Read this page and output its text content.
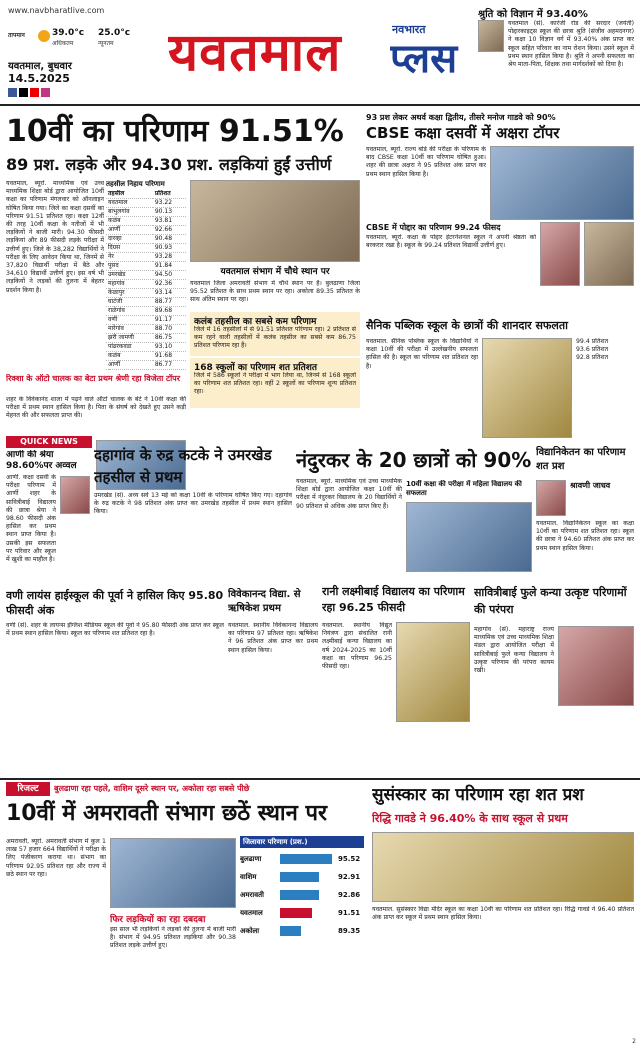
www.navbharatlive.com
तापमान	39.0°c	25.0°c
अधिकतम	न्यूनतम
यवतमाल, बुधवार
14.5.2025	यवतमाल	नवभारत
प्लस
श्रुति को विज्ञान में 93.40%
यवतमाल (सं). कारंजी रोड की सरदार (जयंती) पोद्दारकाइट्स स्कूल की छात्रा श्रुति (संजीव अहमदनगर) ने कक्षा 10 विज्ञान वर्ग में 93.40% अंक प्राप्त कर स्कूल सहित परिवार का नाम रोशन किया। उसने स्कूल में प्रथम स्थान हासिल किया है। श्रुति ने अपनी सफलता का श्रेय माता-पिता, शिक्षक तथा मार्गदर्शकों को दिया है।
10वीं का परिणाम 91.51%
89 प्रश. लड़के और 94.30 प्रश. लड़कियां हुईं उत्तीर्ण
यवतमाल, ब्यूरो. माध्यमिक एवं उच्च माध्यमिक शिक्षा बोर्ड द्वारा आयोजित 10वीं कक्षा का परिणाम मंगलवार को ऑनलाइन घोषित किया गया। जिले का कक्षा दसवीं का परिणाम 91.51 प्रतिशत रहा। कक्षा 12वीं की तरह 10वीं कक्षा के नतीजों में भी लड़कियों ने बाजी मारी। 94.30 फीसदी लड़कियां और 89 फीसदी लड़के परीक्षा में उत्तीर्ण हुए। जिले के 38,282 विद्यार्थियों ने परीक्षा के लिए आवेदन किया था, जिनमें से 37,820 विद्यार्थी परीक्षा में बैठे और 34,610 विद्यार्थी उत्तीर्ण हुए। इस वर्ष भी लड़कियों ने लड़कों की तुलना में बेहतर प्रदर्शन किया है।
तहसील निहाय परिणाम
तहसील	प्रतिशत
यवतमाल	93.22
बाभुलगांव	90.13
कळंब	93.81
आर्णी	92.66
दारव्हा	90.48
दिग्रस	90.93
नेर	93.28
पुसद	91.84
उमरखेड	94.50
महागांव	92.36
केळापुर	93.14
घाटंजी	88.77
राळेगांव	89.68
वणी	91.17
मारेगांव	88.70
झरी जामणी	86.75
पांढरकवडा	93.10
कळंब	91.68
आर्णी	86.77

यवतमाल संभाग में चौथे स्थान पर
यवतमाल जिला अमरावती संभाग में चौथे स्थान पर है। बुलढाणा जिला 95.52 प्रतिशत के साथ प्रथम स्थान पर रहा। अकोला 89.35 प्रतिशत के साथ अंतिम स्थान पर रहा।
कलंब तहसील का सबसे कम परिणाम
जिले में 16 तहसीलों में से 91.51 प्रतिशत परिणाम रहा। 2 प्रतिशत से कम रहने वाली तहसीलों में कलंब तहसील का सबसे कम 86.75 प्रतिशत परिणाम रहा है।
168 स्कूलों का परिणाम शत प्रतिशत
जिले में 586 स्कूलों ने परीक्षा में भाग लिया था, जिनमें से 168 स्कूलों का परिणाम शत प्रतिशत रहा। वहीं 2 स्कूलों का परिणाम शून्य प्रतिशत रहा।
रिक्शा के ऑटो चालक का बेटा प्रथम श्रेणी रहा विजेता टॉपर
शहर के विवेकानंद शाला में पढ़ने वाले ऑटो चालक के बेटे ने 10वीं कक्षा की परीक्षा में प्रथम स्थान हासिल किया है। पिता के संघर्ष को देखते हुए उसने कड़ी मेहनत की और सफलता प्राप्त की।
QUICK NEWS
आर्णी की श्रेया 98.60%पर अव्वल
आर्णी. कक्षा दसवीं के परीक्षा परिणाम में आर्णी शहर के सावित्रीबाई विद्यालय की छात्रा श्रेया ने 98.60 फीसदी अंक हासिल कर प्रथम स्थान प्राप्त किया है। उसकी इस सफलता पर परिवार और स्कूल में खुशी का माहौल है।
93 प्रश लेकर अथर्व कक्षा द्वितीय, तीसरे मनोज गाडवे को 90%
CBSE कक्षा दसवीं में अक्षरा टॉपर
यवतमाल, ब्यूरो. राज्य बोर्ड की परीक्षा के परिणाम के बाद CBSE कक्षा 10वीं का परिणाम घोषित हुआ। शहर की छात्रा अक्षरा ने 95 प्रतिशत अंक प्राप्त कर प्रथम स्थान हासिल किया है।
CBSE में पोद्दार का परिणाम 99.24 फीसद
यवतमाल, ब्यूरो. कक्षा के पोद्दार इंटरनेशनल स्कूल ने अपनी श्रेष्ठता को बरकरार रखा है। स्कूल के 99.24 प्रतिशत विद्यार्थी उत्तीर्ण हुए।
सैनिक पब्लिक स्कूल के छात्रों की शानदार सफलता
यवतमाल. सैनिक पब्लिक स्कूल के विद्यार्थियों ने कक्षा 10वीं की परीक्षा में उल्लेखनीय सफलता हासिल की है। स्कूल का परिणाम शत प्रतिशत रहा है।
99.4 प्रतिशत
93.6 प्रतिशत
92.8 प्रतिशत
दहागांव के रुद्र कटके ने उमरखेड तहसील से प्रथम
उमरखेड (सं). अध्य सर्वे 13 मई को कक्षा 10वीं के परिणाम घोषित किए गए। दहागांव के रुद्र कटके ने 98 प्रतिशत अंक प्राप्त कर उमरखेड तहसील में प्रथम स्थान हासिल किया।
नंदुरकर के 20 छात्रों को 90%
10वीं कक्षा की परीक्षा में महिला विद्यालय की सफलता
यवतमाल, ब्यूरो. माध्यमिक एवं उच्च माध्यमिक शिक्षा बोर्ड द्वारा आयोजित कक्षा 10वीं की परीक्षा में नंदुरकर विद्यालय के 20 विद्यार्थियों ने 90 प्रतिशत से अधिक अंक प्राप्त किए हैं।
विद्यानिकेतन का परिणाम शत प्रश
श्रावणी जाधव
यवतमाल. विद्यानिकेतन स्कूल का कक्षा 10वीं का परिणाम शत प्रतिशत रहा। स्कूल की छात्रा ने 94.60 प्रतिशत अंक प्राप्त कर प्रथम स्थान हासिल किया।
वणी लायंस हाईस्कूल की पूर्वा ने हासिल किए 95.80 फीसदी अंक
वणी (सं). शहर के लायन्स इंग्लिश मीडियम स्कूल की पूर्वा ने 95.80 फीसदी अंक प्राप्त कर स्कूल में प्रथम स्थान हासिल किया। स्कूल का परिणाम शत प्रतिशत रहा है।
विवेकानन्द विद्या. से ऋषिकेश प्रथम
यवतमाल. स्थानीय विवेकानन्द विद्यालय का परिणाम 97 प्रतिशत रहा। ऋषिकेश ने 96 प्रतिशत अंक प्राप्त कर प्रथम स्थान हासिल किया।
रानी लक्ष्मीबाई विद्यालय का परिणाम रहा 96.25 फीसदी
यवतमाल. स्थानीय विद्युत नियंत्रण द्वारा संचालित रानी लक्ष्मीबाई कन्या विद्यालय का वर्ष 2024-2025 का 10वीं कक्षा का परिणाम 96.25 फीसदी रहा।
सावित्रीबाई फुले कन्या उत्कृष्ट परिणामों की परंपरा
महागांव (सं). महाराष्ट्र राज्य माध्यमिक एवं उच्च माध्यमिक शिक्षा मंडल द्वारा आयोजित परीक्षा में सावित्रीबाई फुले कन्या विद्यालय ने उत्कृष्ट परिणाम की परंपरा कायम रखी।
रिजल्ट	बुलढाणा रहा पहले, वाशिम दूसरे स्थान पर, अकोला रहा सबसे पीछे
10वीं में अमरावती संभाग छठें स्थान पर
अमरावती, ब्यूरो. अमरावती संभाग में कुल 1 लाख 57 हजार 664 विद्यार्थियों ने परीक्षा के लिए पंजीकरण कराया था। संभाग का परिणाम 92.95 प्रतिशत रहा और राज्य में छठे स्थान पर रहा।
फिर लड़कियों का रहा दबदबा
इस साल भी लड़कियों ने लड़कों की तुलना में बाजी मारी है। संभाग में 94.95 प्रतिशत लड़कियां और 90.38 प्रतिशत लड़के उत्तीर्ण हुए।
जिलावार परिणाम (प्रश.)
बुलढाणा	95.52
वाशिम	92.91
अमरावती	92.86
यवतमाल	91.51
अकोला	89.35
सुसंस्कार का परिणाम रहा शत प्रश
रिद्धि गावडे ने 96.40% के साथ स्कूल से प्रथम
यवतमाल. सुसंस्कार विद्या मंदिर स्कूल का कक्षा 10वीं का परिणाम शत प्रतिशत रहा। रिद्धि गावडे ने 96.40 प्रतिशत अंक प्राप्त कर स्कूल में प्रथम स्थान हासिल किया।
2
